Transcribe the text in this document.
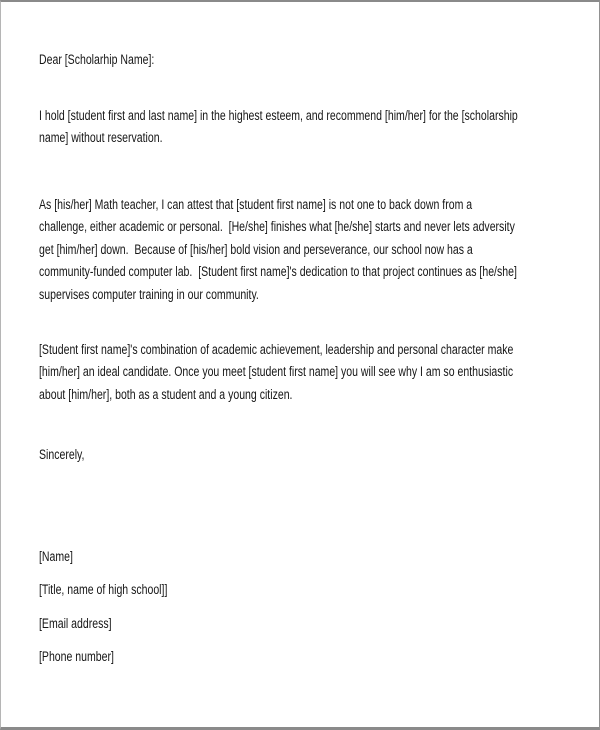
Dear [Scholarhip Name]:
I hold [student first and last name] in the highest esteem, and recommend [him/her] for the [scholarship
name] without reservation.
As [his/her] Math teacher, I can attest that [student first name] is not one to back down from a
challenge, either academic or personal.  [He/she] finishes what [he/she] starts and never lets adversity
get [him/her] down.  Because of [his/her] bold vision and perseverance, our school now has a
community-funded computer lab.  [Student first name]'s dedication to that project continues as [he/she]
supervises computer training in our community.
[Student first name]'s combination of academic achievement, leadership and personal character make
[him/her] an ideal candidate. Once you meet [student first name] you will see why I am so enthusiastic
about [him/her], both as a student and a young citizen.
Sincerely,
[Name]
[Title, name of high school]]
[Email address]
[Phone number]
